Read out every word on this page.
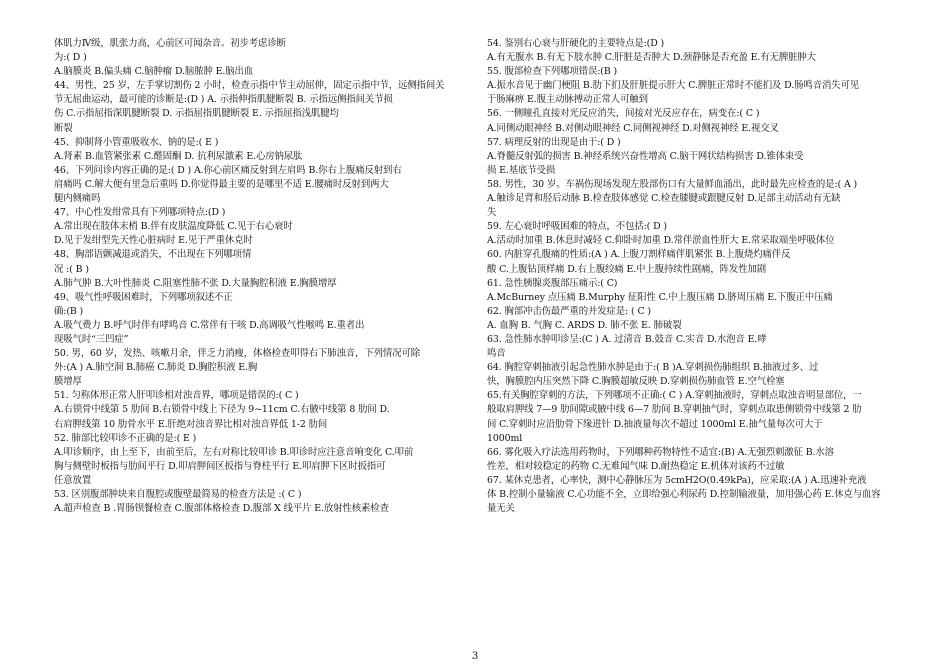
体肌力Ⅳ级，肌张力高，心前区可闻杂音。初步考虑诊断
为:( D )
A.脑膜炎 B.偏头痛 C.脑肿瘤 D.脑脓肿 E.脑出血
44、男性，25 岁，左手掌切割伤 2 小时，检查示指中节主动屈伸，固定示指中节，远侧指间关
节无屈曲运动，最可能的诊断是:(D ) A. 示指伸指肌腱断裂 B. 示指远侧指间关节损
伤 C.示指屈指深肌腱断裂 D. 示指屈指肌腱断裂 E. 示指屈指浅肌腱均
断裂
45、抑制肾小管重吸收水、钠的是:( E )
A.肾素 B.血管紧张素 C.醛固酮 D. 抗利尿激素 E.心房钠尿肽
46、下列问诊内容正确的是:( D ) A.你心前区痛反射到左肩吗 B.你右上腹痛反射到右
肩痛吗 C.解大便有里急后重吗 D.你觉得最主要的是哪里不适 E.腰痛时反射到两大
腿内侧痛吗
47、中心性发绀常具有下列哪项特点:(D )
A.常出现在肢体末梢 B.伴有皮肤温度降低 C.见于右心衰时
D.见于发绀型先天性心脏病时 E.见于严重休克时
48、胸部语颤减退或消失，不出现在下列哪项情
况 :( B )
A.肺气肿 B.大叶性肺炎 C.阻塞性肺不张 D.大量胸腔积液 E.胸膜增厚
49、吸气性呼吸困难时，下列哪项叙述不正
确:(B )
A.吸气费力 B.呼气时伴有哮鸣音 C.常伴有干咳 D.高调吸气性喉鸣 E.重者出
现吸气时“三凹症”
50. 男，60 岁，发热、咳嗽月余，伴乏力消瘦，体格检查叩得右下肺浊音，下列情况可除
外:(A ) A.肺空洞 B.肺癌 C.肺炎 D.胸腔积液 E.胸
膜增厚
51. 匀称体形正常人肝叩诊相对浊音界，哪项是错误的:( C )
A.右锁骨中线第 5 肋间 B.右锁骨中线上下径为 9~11cm C.右腋中线第 8 肋间 D.
右肩胛线第 10 肋骨水平 E.肝绝对浊音界比相对浊音界低 1-2 肋间
52. 肺部比较叩诊不正确的是:( E )
A.叩诊顺序，由上至下，由前至后，左右对称比较叩诊 B.叩诊时应注意音响变化 C.叩前
胸与侧壁时板指与肋间平行 D.叩肩胛间区扳指与脊柱平行 E.叩肩胛下区时扳指可
任意放置
53. 区别腹部肿块来自腹腔或腹壁最简易的检查方法是 :( C )
A.超声检查 B .胃肠钡餐检查 C.腹部体格检查 D.腹部 X 线平片 E.放射性核素检查
54. 鉴别右心衰与肝硬化的主要特点是:(D )
A.有无腹水 B.有无下肢水肿 C.肝脏是否肿大 D.颈静脉是否充盈 E.有无脾脏肿大
55. 腹部检查下列哪项错误:(B )
A.振水音见于幽门梗阻 B.肋下扪及肝脏提示肝大 C.脾脏正常时不能扪及 D.肠鸣音消失可见
于肠麻痹 E.腹主动脉搏动正常人可触到
56. 一侧瞳孔直接对光反应消失，间接对光反应存在，病变在:( C )
A.同侧动眼神经 B.对侧动眼神经 C.同侧视神经 D.对侧视神经 E.视交叉
57. 病理反射的出现是由于:( D )
A.脊髓反射弧的损害 B.神经系统兴奋性增高 C.脑干网状结构损害 D.锥体束受
损 E.基底节受损
58. 男性，30 岁。车祸伤现场发现左股部伤口有大量鲜血涌出，此时最先应检查的是:( A )
A.触诊足背和胫后动脉 B.检查肢体感觉 C.检查膝腱或跟腱反射 D.足部主动活动有无缺
失
59. 左心衰时呼吸困难的特点，不包括:( D )
A.活动时加重 B.休息时减轻 C.仰卧时加重 D.常伴淤血性肝大 E.常采取端坐呼吸体位
60. 内脏穿孔腹痛的性质:(A ) A.上腹刀割样痛伴肌紧张 B.上腹烧灼痛伴反
酸 C.上腹钻顶样痛 D.右上腹绞痛 E.中上腹持续性剧痛，阵发性加剧
61. 急性胰腺炎腹部压痛示:( C)
A.McBurney 点压痛 B.Murphy 征阳性 C.中上腹压痛 D.脐周压痛 E.下腹正中压痛
62. 胸部冲击伤最严重的并发症是: ( C )
A. 血胸 B. 气胸 C. ARDS D. 肺不张 E. 肺破裂
63. 急性肺水肿叩诊呈:(C ) A. 过清音 B.鼓音 C.实音 D.水泡音 E.哮
鸣音
64. 胸腔穿刺抽液引起急性肺水肿是由于:( B )A.穿刺损伤肺组织 B.抽液过多、过
快，胸膜腔内压突然下降 C.胸膜超敏反映 D.穿刺损伤肺血管 E.空气栓塞
65.有关胸腔穿刺的方法，下列哪项不正确:( C ) A.穿刺抽液时，穿刺点取浊音明显部位，一
般取肩胛线 7—9 肋间隙或腋中线 6—7 肋间 B.穿刺抽气时，穿刺点取患侧锁骨中线第 2 肋
间 C.穿刺时应沿肋骨下缘进针 D.抽液量每次不超过 1000ml E.抽气量每次可大于
1000ml
66. 雾化吸入疗法选用药物时，下列哪种药物特性不适宜:(B) A.无强烈刺激征 B.水溶
性差，相对较稳定的药物 C.无难闻气味 D.耐热稳定 E.机体对该药不过敏
67. 某休克患者，心率快，测中心静脉压为 5cmH2O(0.49kPa)，应采取:(A ) A.迅速补充液
体 B.控制小量输液 C.心功能不全，立即给强心利尿药 D.控制输液量，加用强心药 E.休克与血容
量无关
3
